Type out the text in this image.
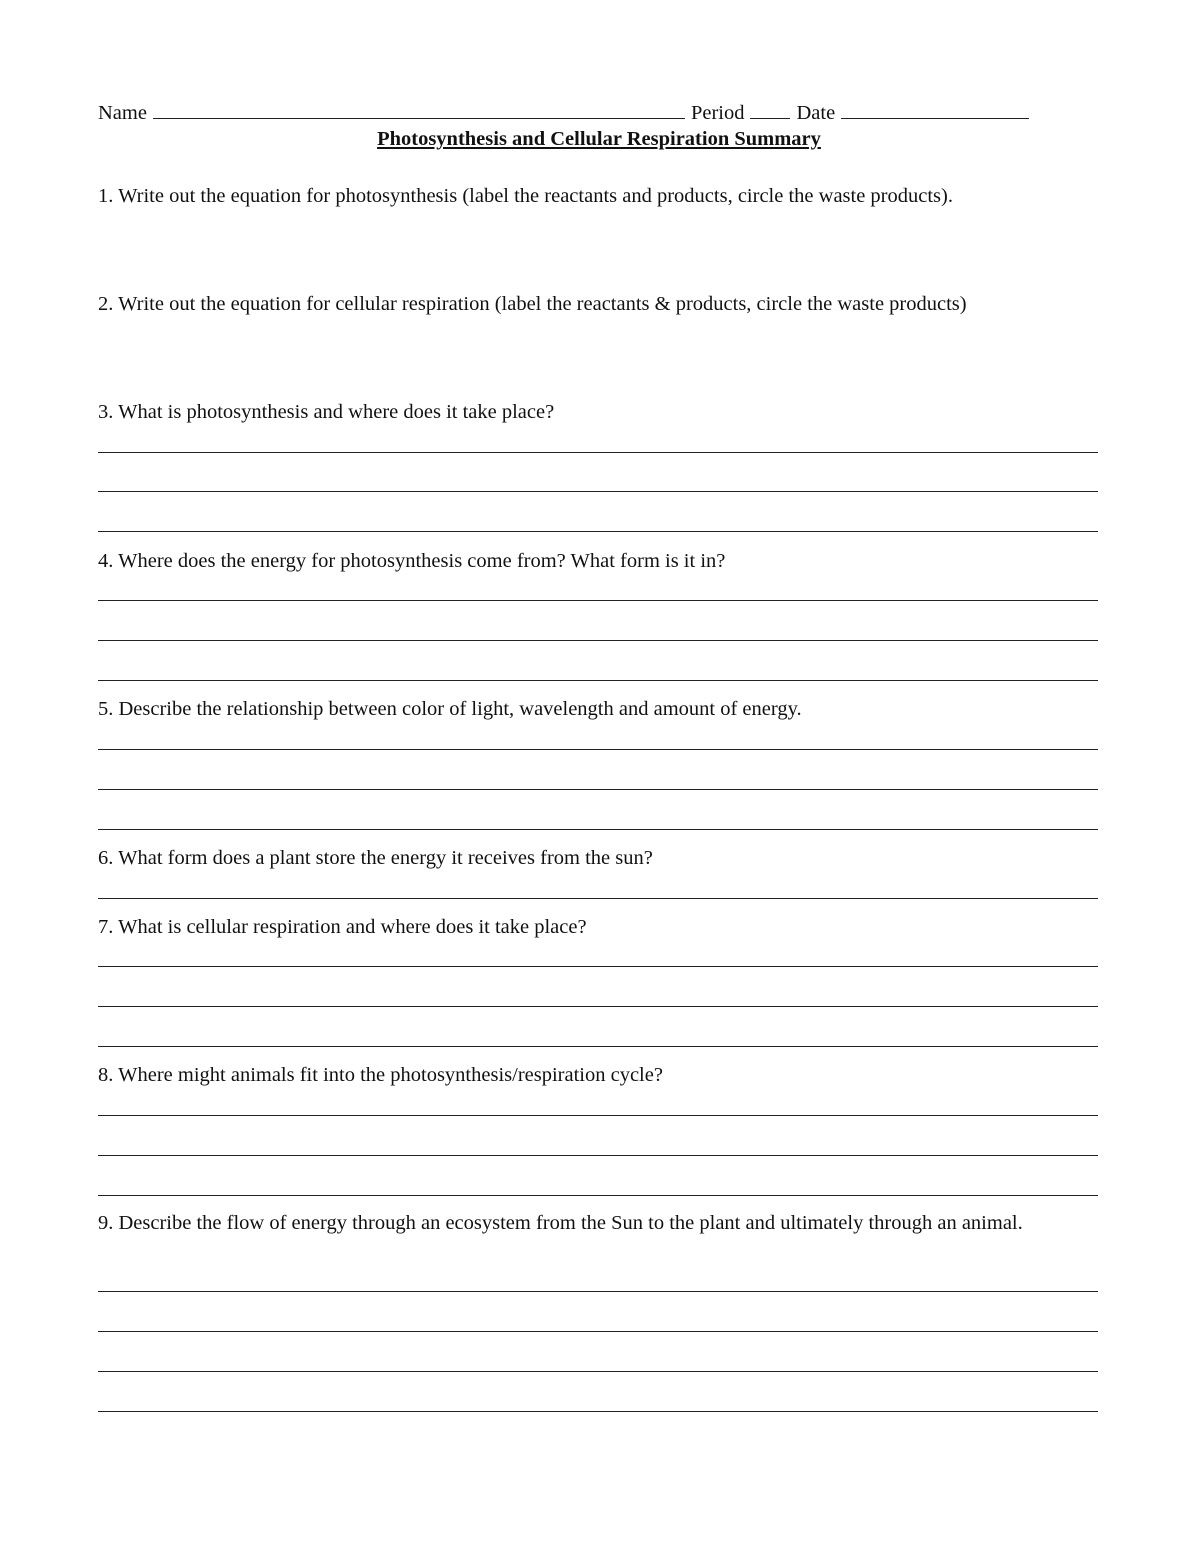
Name	Period	Date
Photosynthesis and Cellular Respiration Summary
1. Write out the equation for photosynthesis (label the reactants and products, circle the waste products).
2. Write out the equation for cellular respiration (label the reactants & products, circle the waste products)
3. What is photosynthesis and where does it take place?
4. Where does the energy for photosynthesis come from? What form is it in?
5. Describe the relationship between color of light, wavelength and amount of energy.
6. What form does a plant store the energy it receives from the sun?
7. What is cellular respiration and where does it take place?
8. Where might animals fit into the photosynthesis/respiration cycle?
9. Describe the flow of energy through an ecosystem from the Sun to the plant and ultimately through an animal.
